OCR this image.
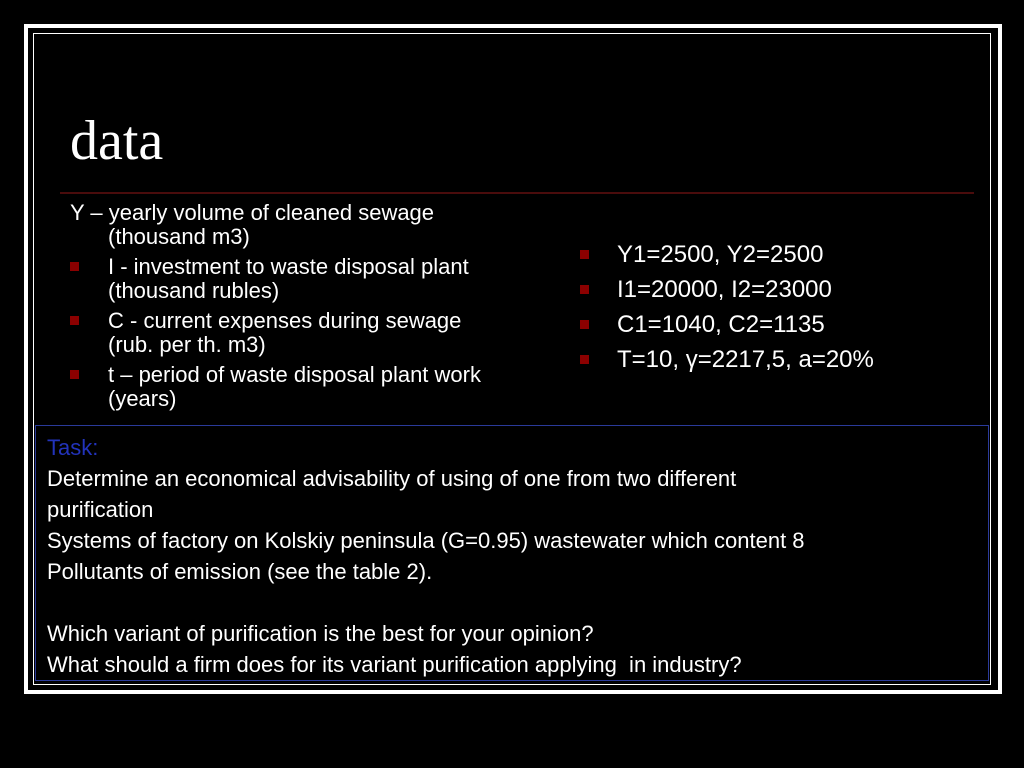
data
Y – yearly volume of cleaned sewage (thousand m3)
I - investment to waste disposal plant (thousand rubles)
C - current expenses during sewage (rub. per th. m3)
t – period of waste disposal plant work (years)
Y1=2500, Y2=2500
I1=20000, I2=23000
C1=1040, C2=1135
T=10, γ=2217,5, a=20%
Task:
Determine an economical advisability of using of one from two different
purification
Systems of factory on Kolskiy peninsula (G=0.95) wastewater which content 8
Pollutants of emission (see the table 2).
Which variant of purification is the best for your opinion?
What should a firm does for its variant purification applying  in industry?
